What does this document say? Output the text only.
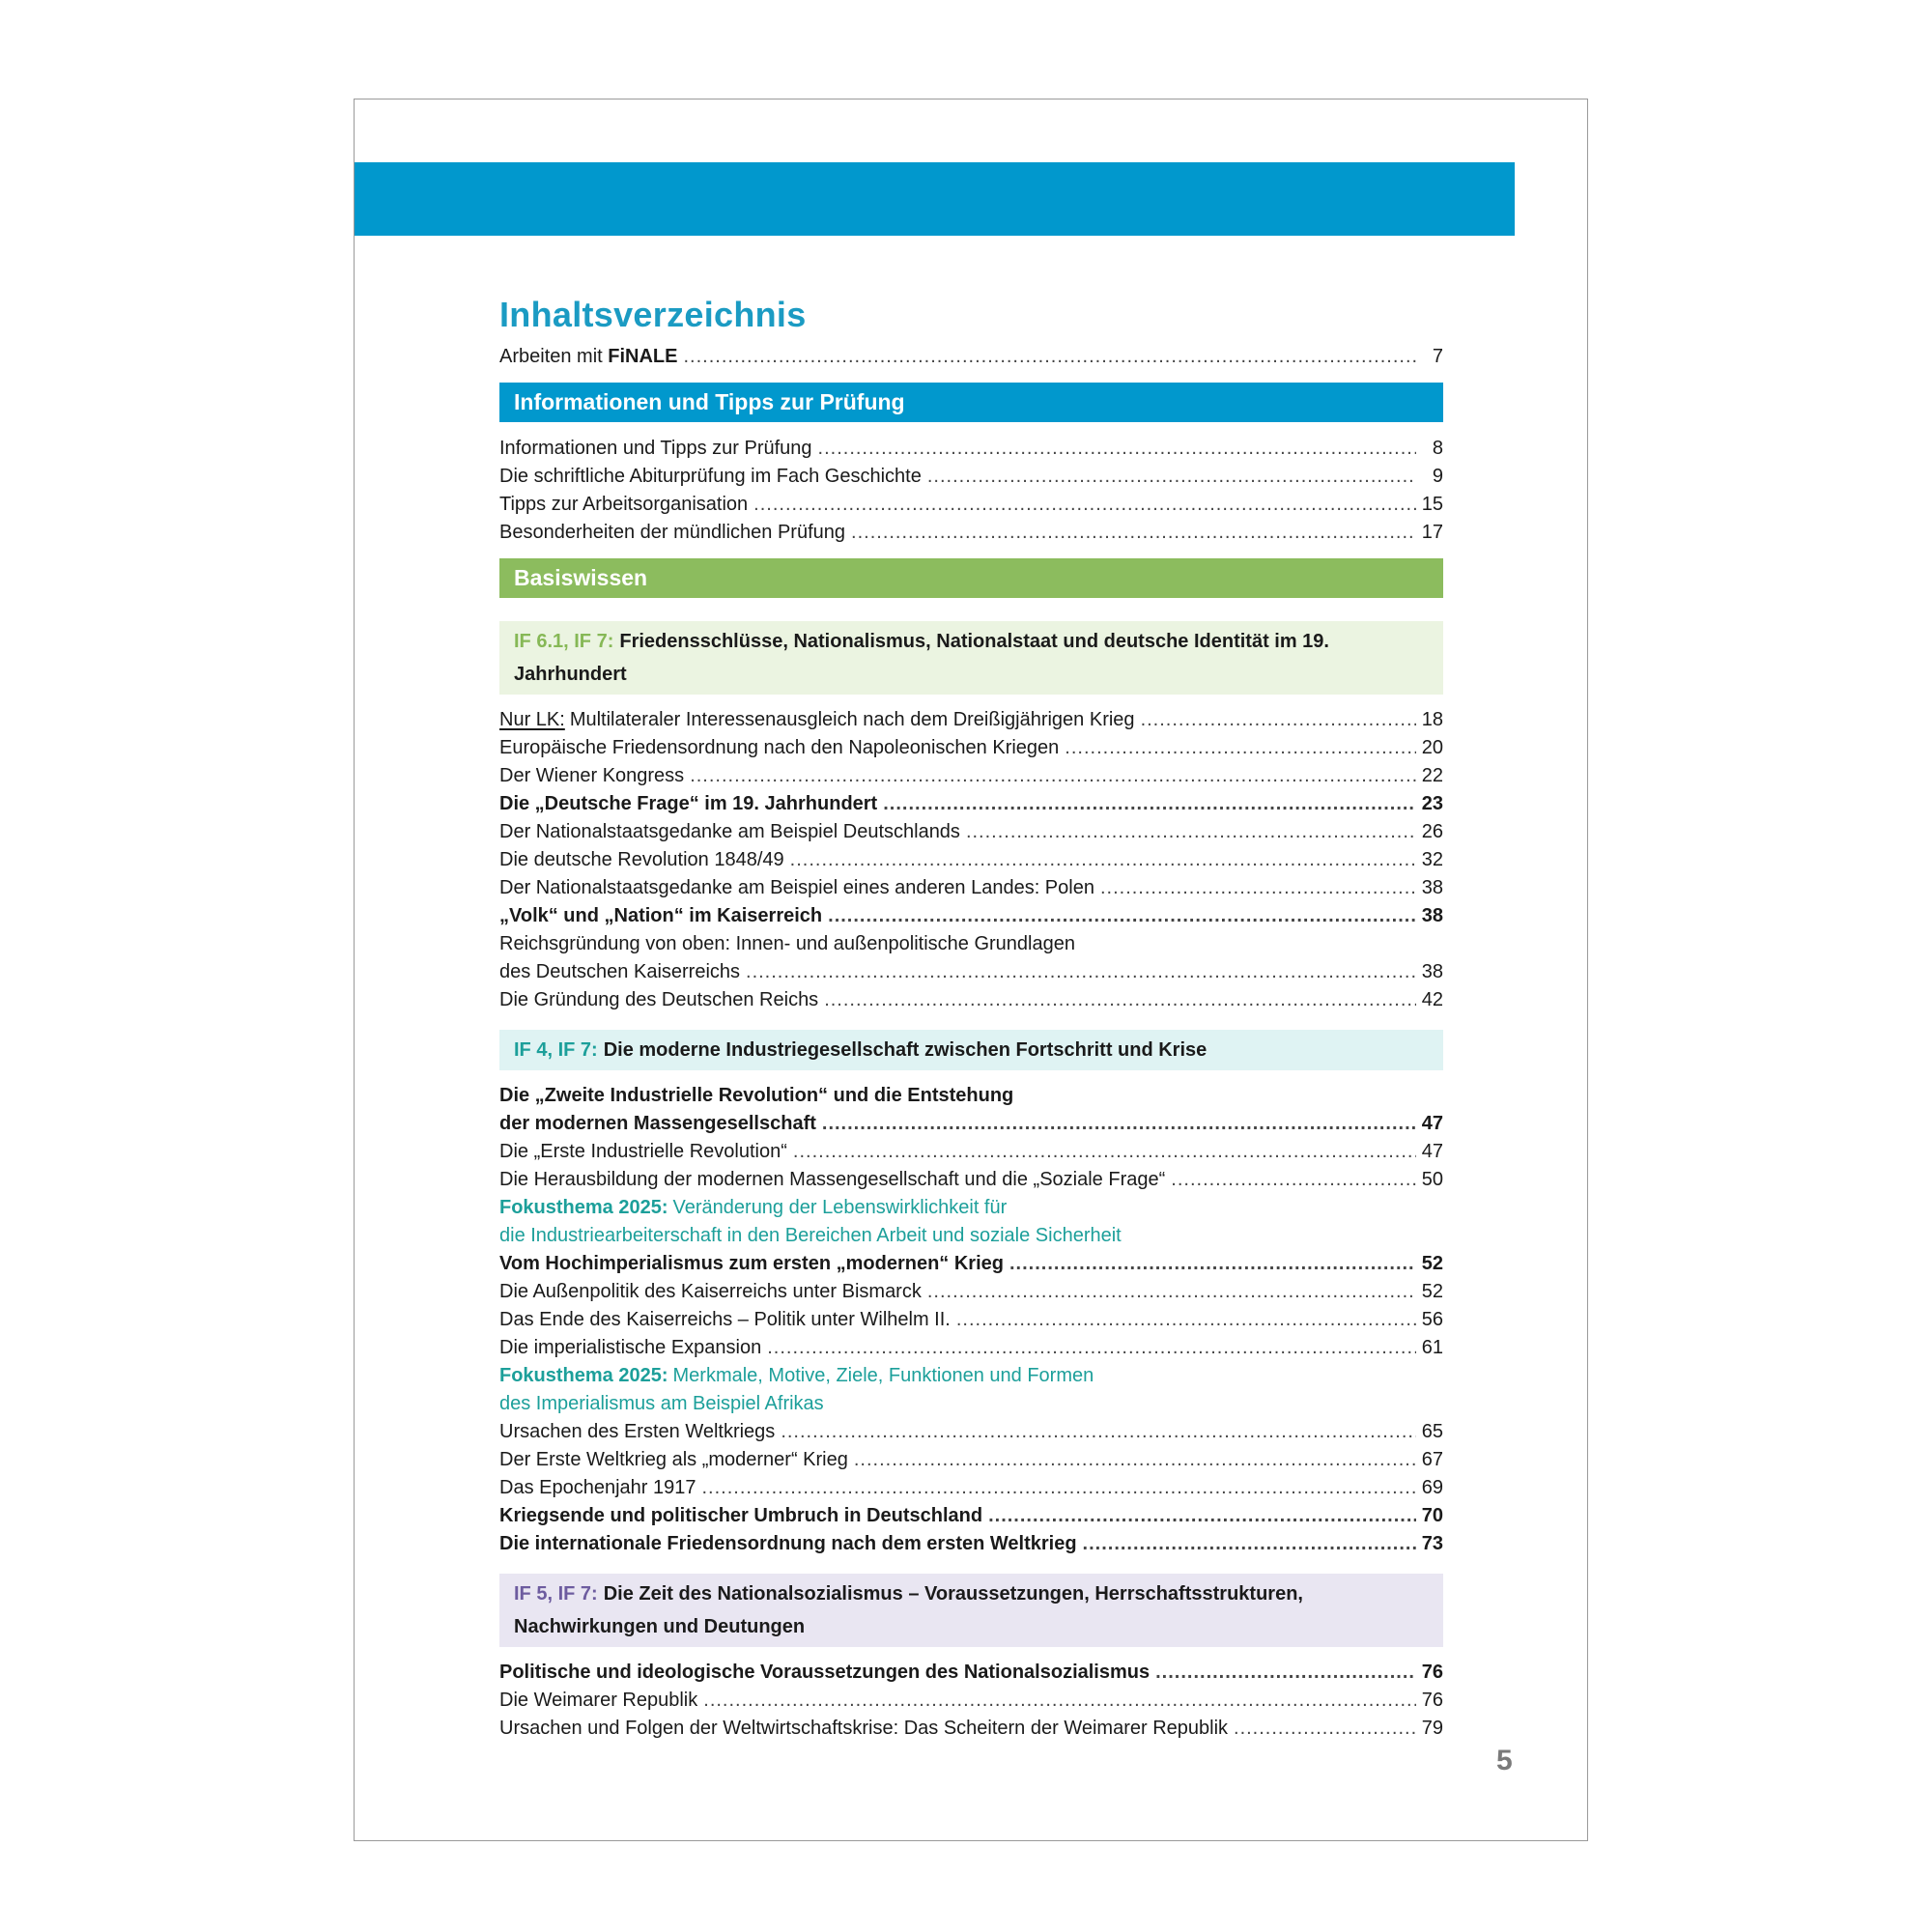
Inhaltsverzeichnis
Arbeiten mit FiNALE .....	7
Informationen und Tipps zur Prüfung
Informationen und Tipps zur Prüfung .....	8
Die schriftliche Abiturprüfung im Fach Geschichte .....	9
Tipps zur Arbeitsorganisation .....	15
Besonderheiten der mündlichen Prüfung .....	17
Basiswissen
IF 6.1, IF 7: Friedensschlüsse, Nationalismus, Nationalstaat und deutsche Identität im 19. Jahrhundert
Nur LK: Multilateraler Interessenausgleich nach dem Dreißigjährigen Krieg .....	18
Europäische Friedensordnung nach den Napoleonischen Kriegen .....	20
Der Wiener Kongress .....	22
Die „Deutsche Frage“ im 19. Jahrhundert .....	23
Der Nationalstaatsgedanke am Beispiel Deutschlands .....	26
Die deutsche Revolution 1848/49 .....	32
Der Nationalstaatsgedanke am Beispiel eines anderen Landes: Polen .....	38
„Volk“ und „Nation“ im Kaiserreich .....	38
Reichsgründung von oben: Innen- und außenpolitische Grundlagen
des Deutschen Kaiserreichs .....	38
Die Gründung des Deutschen Reichs .....	42
IF 4, IF 7: Die moderne Industriegesellschaft zwischen Fortschritt und Krise
Die „Zweite Industrielle Revolution“ und die Entstehung
der modernen Massengesellschaft .....	47
Die „Erste Industrielle Revolution“ .....	47
Die Herausbildung der modernen Massengesellschaft und die „Soziale Frage“ .....	50
Fokusthema 2025: Veränderung der Lebenswirklichkeit für
die Industriearbeiterschaft in den Bereichen Arbeit und soziale Sicherheit
Vom Hochimperialismus zum ersten „modernen“ Krieg .....	52
Die Außenpolitik des Kaiserreichs unter Bismarck .....	52
Das Ende des Kaiserreichs – Politik unter Wilhelm II. .....	56
Die imperialistische Expansion .....	61
Fokusthema 2025: Merkmale, Motive, Ziele, Funktionen und Formen
des Imperialismus am Beispiel Afrikas
Ursachen des Ersten Weltkriegs .....	65
Der Erste Weltkrieg als „moderner“ Krieg .....	67
Das Epochenjahr 1917 .....	69
Kriegsende und politischer Umbruch in Deutschland .....	70
Die internationale Friedensordnung nach dem ersten Weltkrieg .....	73
IF 5, IF 7: Die Zeit des Nationalsozialismus – Voraussetzungen, Herrschaftsstrukturen, Nachwirkungen und Deutungen
Politische und ideologische Voraussetzungen des Nationalsozialismus .....	76
Die Weimarer Republik .....	76
Ursachen und Folgen der Weltwirtschaftskrise: Das Scheitern der Weimarer Republik .....	79
5
